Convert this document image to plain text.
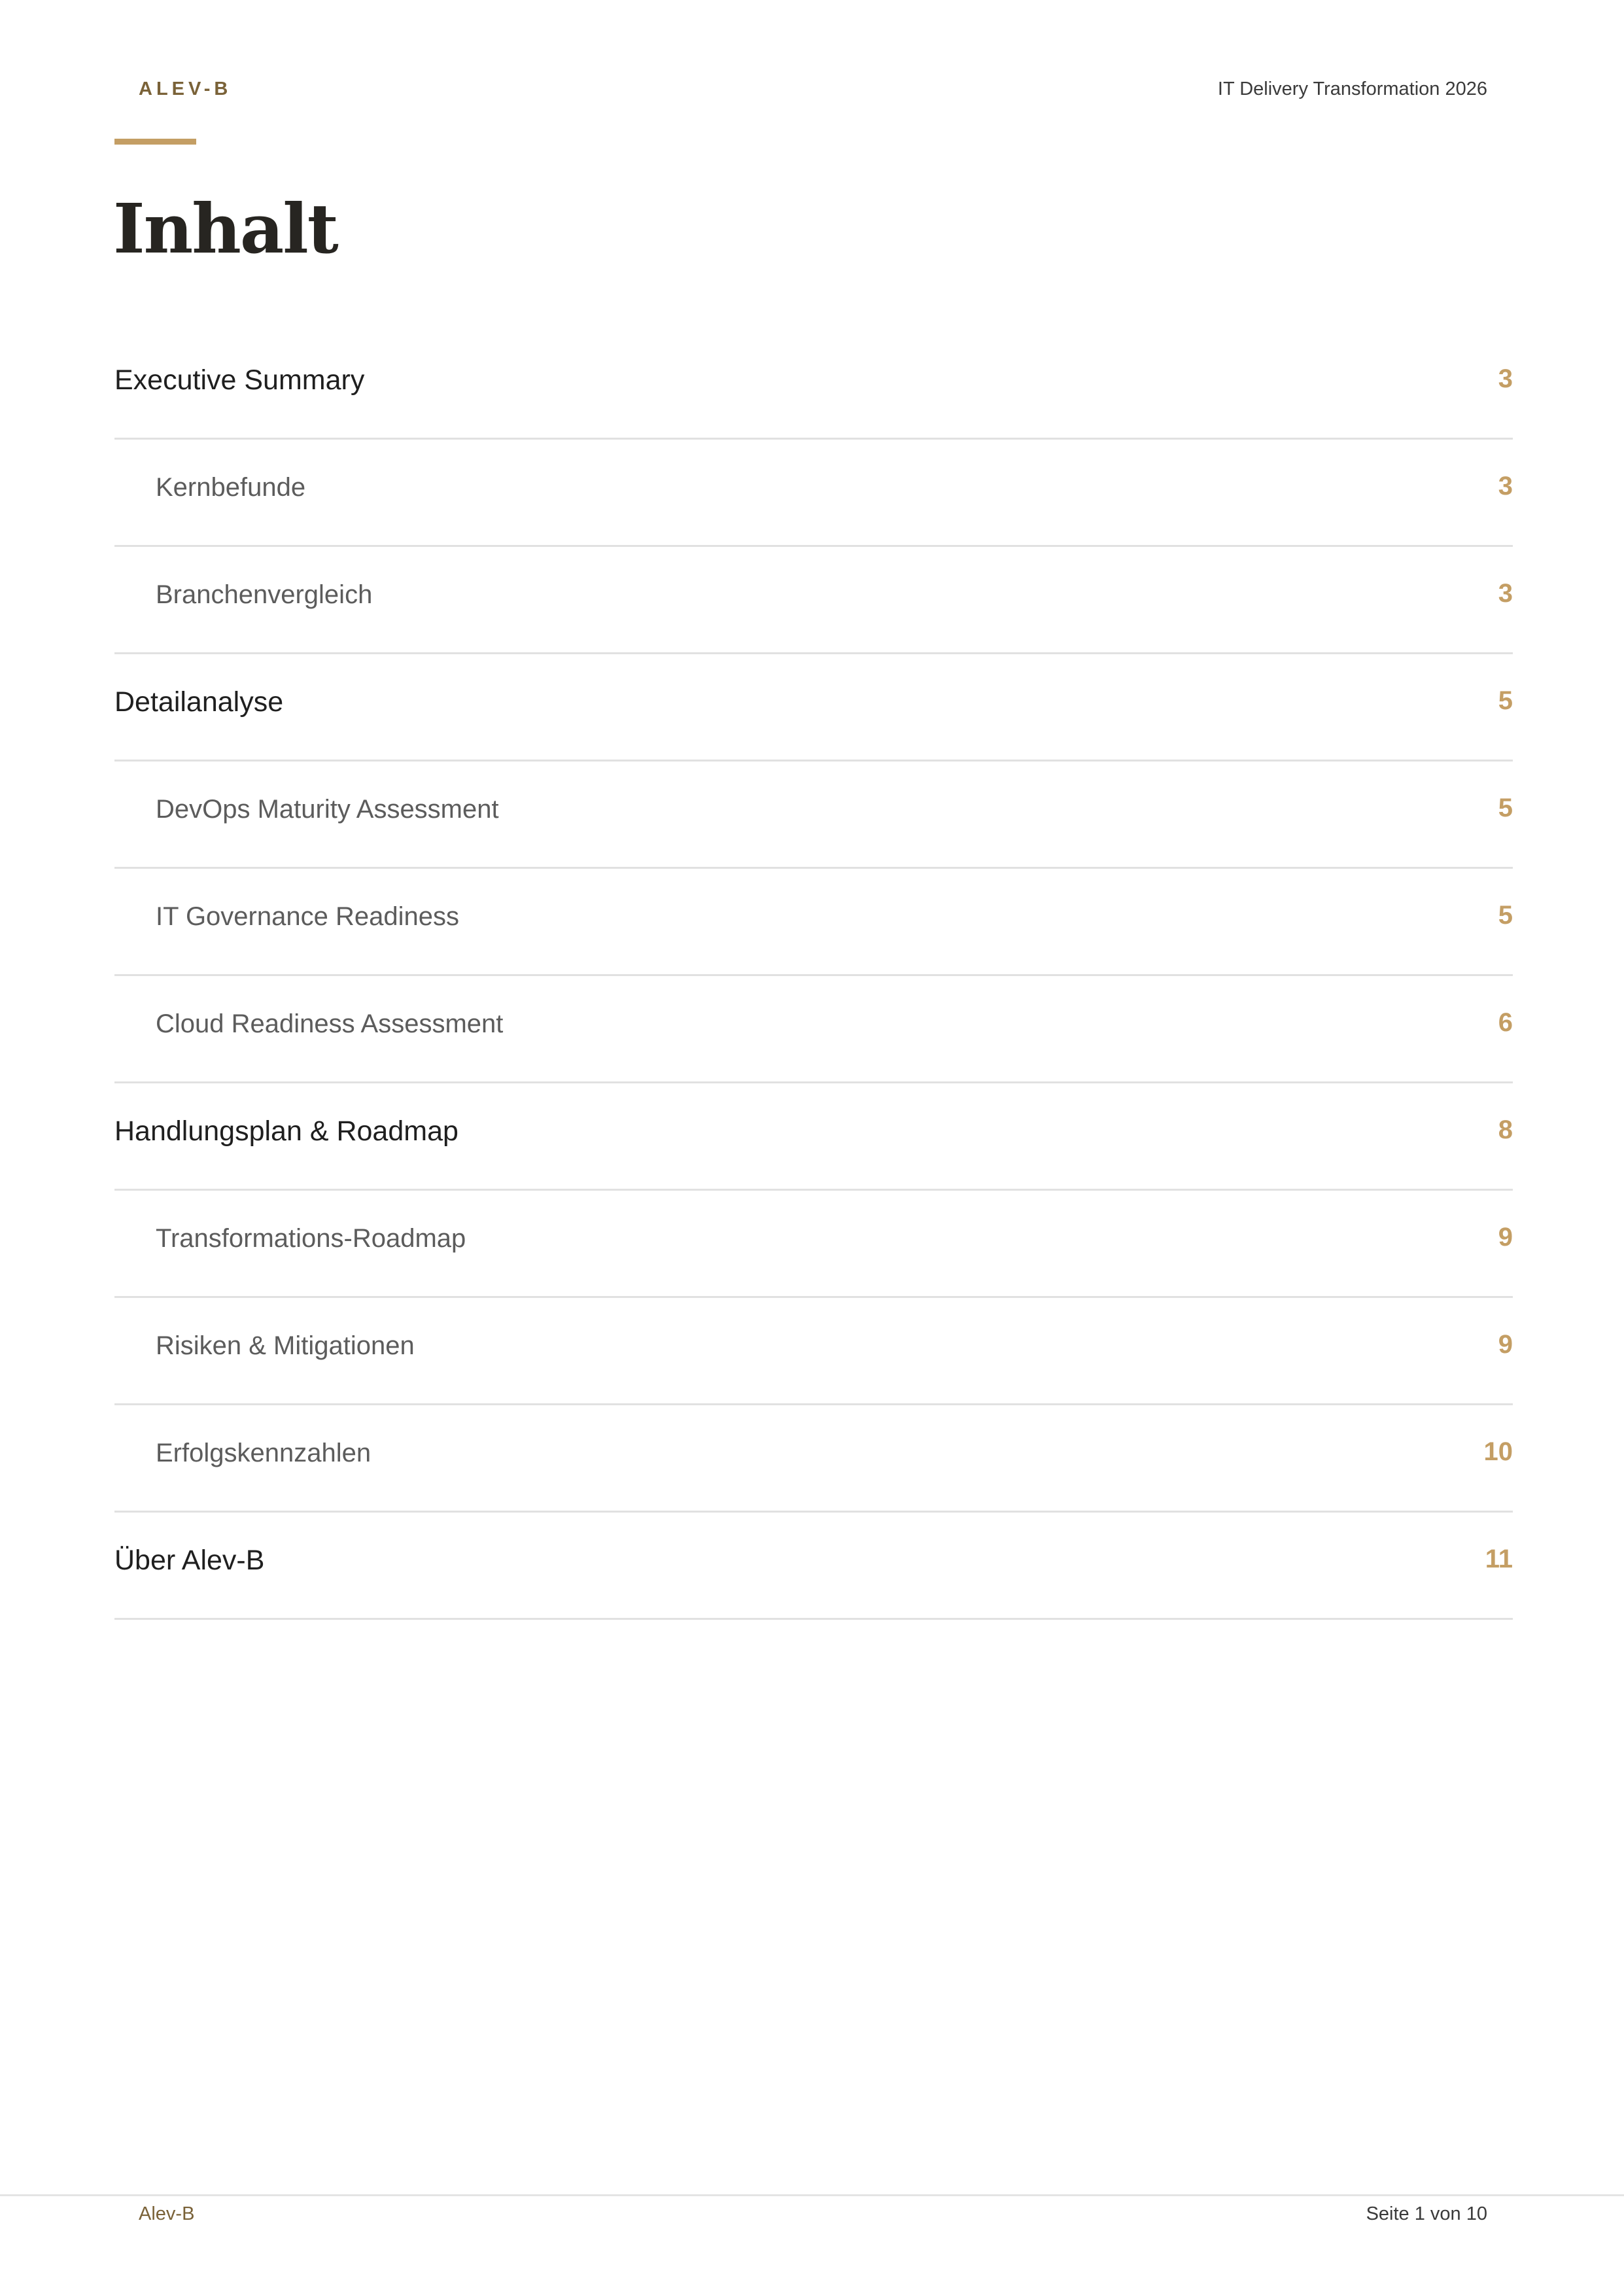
ALEV-B	IT Delivery Transformation 2026
Inhalt
Executive Summary	3
Kernbefunde	3
Branchenvergleich	3
Detailanalyse	5
DevOps Maturity Assessment	5
IT Governance Readiness	5
Cloud Readiness Assessment	6
Handlungsplan & Roadmap	8
Transformations-Roadmap	9
Risiken & Mitigationen	9
Erfolgskennzahlen	10
Über Alev-B	11
Alev-B	Seite 1 von 10
